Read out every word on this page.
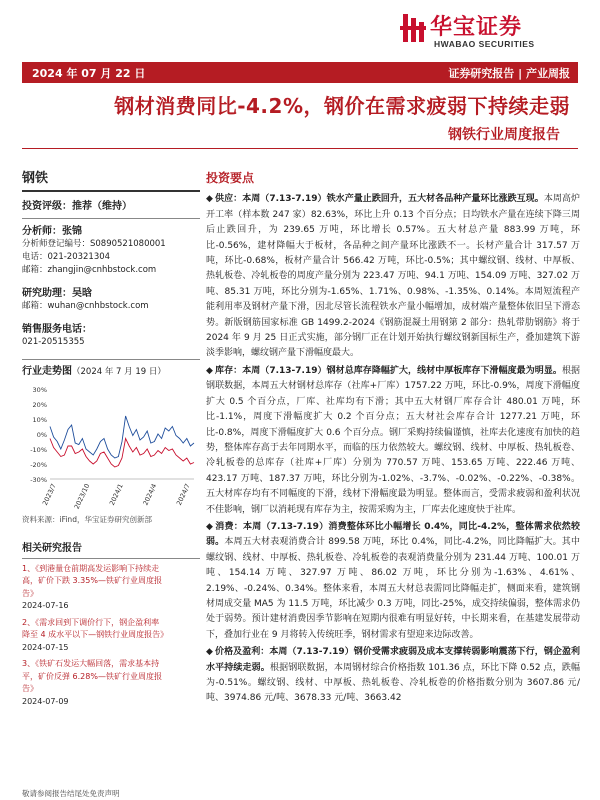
华宝证券
HWABAO SECURITIES
2024 年 07 月 22 日	证券研究报告 | 产业周报
钢材消费同比-4.2%，钢价在需求疲弱下持续走弱
钢铁行业周度报告
钢铁
投资评级：推荐（维持）
分析师：张锦
分析师登记编号：S0890521080001
电话：021-20321304
邮箱：zhangjin@cnhbstock.com
研究助理：吴晗
邮箱：wuhan@cnhbstock.com
销售服务电话：
021-20515355
行业走势图（2024 年 7 月 19 日）
30%
20%
10%
0%
-10%
-20%
-30%
2023/7 2023/10	2024/1	2024/4	2024/7
资料来源：iFind，华宝证券研究创新部
相关研究报告
1、《到港量仓前期高发运影响下持续走
高，矿价下跌 3.35%—铁矿行业周度报
告》
2024-07-16
2、《需求回到下调价行下，钢企盈利率
降至 4 成水平以下—钢铁行业周度报告》
2024-07-15
3、《铁矿石发运大幅回落，需求基本持
平，矿价反弹 6.28%—铁矿行业周度报
告》
2024-07-09
投资要点
◆ 供应：本周（7.13-7.19）铁水产量止跌回升，五大材各品种产量环比涨跌互现。本周高炉开工率（样本数 247 家）82.63%，环比上升 0.13 个百分点；日均铁水产量在连续下降三周后止跌回升，为 239.65 万吨，环比增长 0.57%。五大材总产量 883.99 万吨，环比-0.56%，建材降幅大于板材，各品种之间产量环比涨跌不一。长材产量合计 317.57 万吨，环比-0.68%，板材产量合计 566.42 万吨，环比-0.5%；其中螺纹钢、线材、中厚板、热轧板卷、冷轧板卷的周度产量分别为 223.47 万吨、94.1 万吨、154.09 万吨、327.02 万吨、85.31 万吨，环比分别为-1.65%、1.71%、0.98%、-1.35%、0.14%。本周短流程产能利用率及钢材产量下滑，因北尽管长流程铁水产量小幅增加，成材端产量整体依旧呈下滑态势。新版钢筋国家标准 GB 1499.2-2024《钢筋混凝土用钢第 2 部分：热轧带肋钢筋》将于 2024 年 9 月 25 日正式实施，部分钢厂正在计划开始执行螺纹钢新国标生产，叠加建筑下游淡季影响，螺纹钢产量下滑幅度最大。
◆ 库存：本周（7.13-7.19）钢材总库存降幅扩大，线材中厚板库存下滑幅度最为明显。根据钢联数据，本周五大材钢材总库存（社库+厂库）1757.22 万吨，环比-0.9%，周度下滑幅度扩大 0.5 个百分点，厂库、社库均有下滑；其中五大材钢厂库存合计 480.01 万吨，环比-1.1%，周度下滑幅度扩大 0.2 个百分点；五大材社会库存合计 1277.21 万吨，环比-0.8%，周度下滑幅度扩大 0.6 个百分点。钢厂采购持续偏谨慎，社库去化速度有加快的趋势，整体库存高于去年同期水平，而临的压力依然较大。螺纹钢、线材、中厚板、热轧板卷、冷轧板卷的总库存（社库+厂库）分别为 770.57 万吨、153.65 万吨、222.46 万吨、423.17 万吨、187.37 万吨，环比分别为-1.02%、-3.7%、-0.02%、-0.22%、-0.38%。五大材库存均有不同幅度的下滑，线材下滑幅度最为明显。整体而言，受需求疲弱和盈利状况不佳影响，钢厂以消耗现有库存为主，按需采购为主，厂库去化速度快于社库。
◆ 消费：本周（7.13-7.19）消费整体环比小幅增长 0.4%，同比-4.2%，整体需求依然较弱。本周五大材表观消费合计 899.58 万吨，环比 0.4%，同比-4.2%，同比降幅扩大。其中螺纹钢、线材、中厚板、热轧板卷、冷轧板卷的表观消费量分别为 231.44 万吨、100.01 万吨、154.14 万吨、327.97 万吨、86.02 万吨，环比分别为-1.63%、4.61%、2.19%、-0.24%、0.34%。整体来看，本周五大材总表需同比降幅走扩，侧面来看，建筑钢材周成交量 MA5 为 11.5 万吨，环比减少 0.3 万吨，同比-25%，成交持续偏弱，整体需求仍处于弱势。预计建材消费因季节影响在短期内很难有明显好转，中长期来看，在基建发展带动下，叠加行业在 9 月将转入传统旺季，钢材需求有望迎来边际改善。
◆ 价格及盈利：本周（7.13-7.19）钢价受需求疲弱及成本支撑转弱影响震荡下行，钢企盈利水平持续走弱。根据钢联数据，本周钢材综合价格指数 101.36 点，环比下降 0.52 点，跌幅为-0.51%。螺纹钢、线材、中厚板、热轧板卷、冷轧板卷的价格指数分别为 3607.86 元/吨、3974.86 元/吨、3678.33 元/吨、3663.42
敬请参阅报告结尾处免责声明
